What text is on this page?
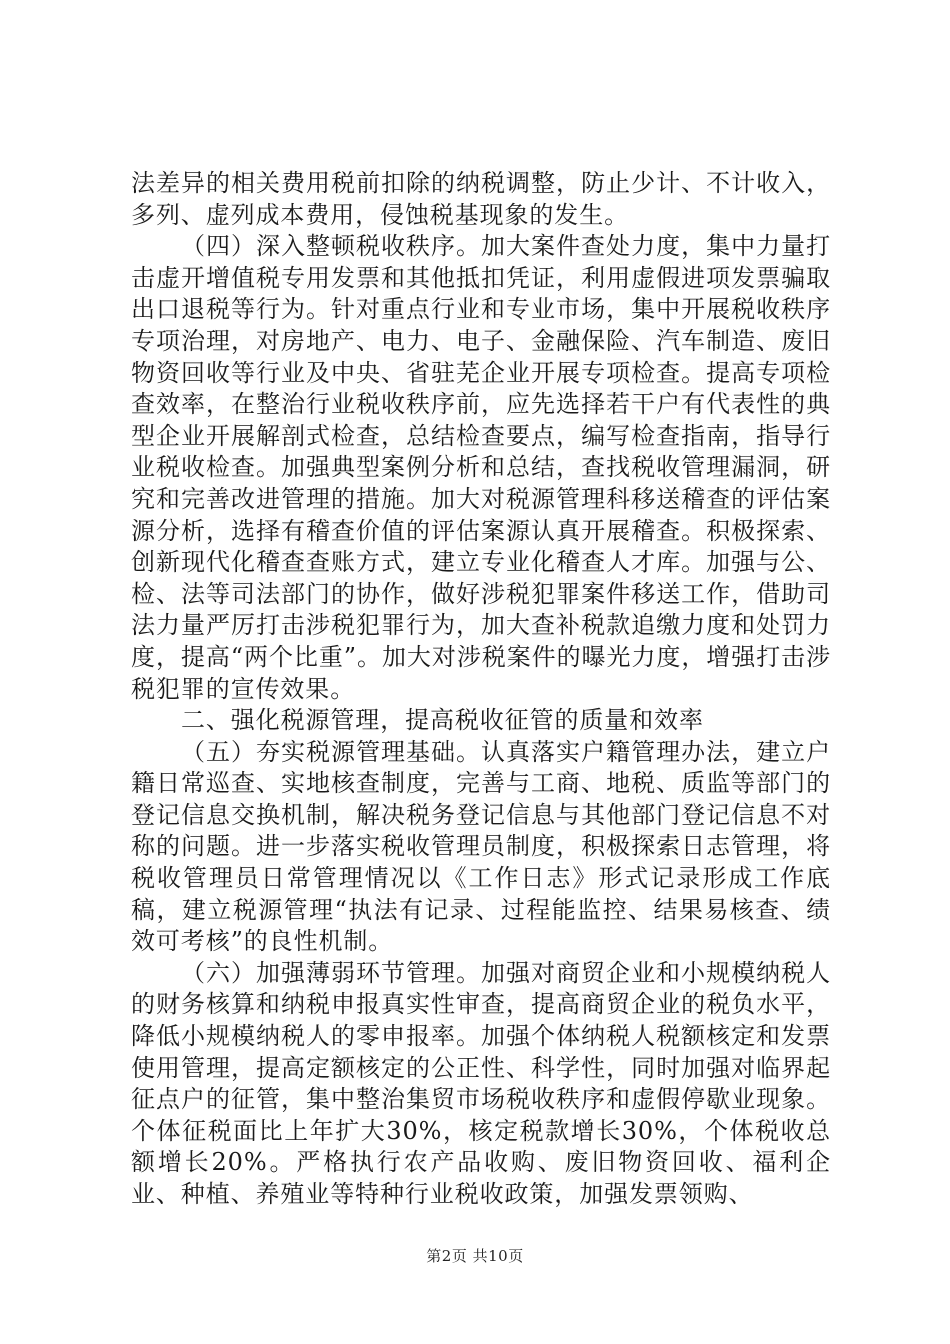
法差异的相关费用税前扣除的纳税调整，防止少计、不计收入，多列、虚列成本费用，侵蚀税基现象的发生。

（四）深入整顿税收秩序。加大案件查处力度，集中力量打击虚开增值税专用发票和其他抵扣凭证，利用虚假进项发票骗取出口退税等行为。针对重点行业和专业市场，集中开展税收秩序专项治理，对房地产、电力、电子、金融保险、汽车制造、废旧物资回收等行业及中央、省驻芜企业开展专项检查。提高专项检查效率，在整治行业税收秩序前，应先选择若干户有代表性的典型企业开展解剖式检查，总结检查要点，编写检查指南，指导行业税收检查。加强典型案例分析和总结，查找税收管理漏洞，研究和完善改进管理的措施。加大对税源管理科移送稽查的评估案源分析，选择有稽查价值的评估案源认真开展稽查。积极探索、创新现代化稽查查账方式，建立专业化稽查人才库。加强与公、检、法等司法部门的协作，做好涉税犯罪案件移送工作，借助司法力量严厉打击涉税犯罪行为，加大查补税款追缴力度和处罚力度，提高“两个比重”。加大对涉税案件的曝光力度，增强打击涉税犯罪的宣传效果。

二、强化税源管理，提高税收征管的质量和效率

（五）夯实税源管理基础。认真落实户籍管理办法，建立户籍日常巡查、实地核查制度，完善与工商、地税、质监等部门的登记信息交换机制，解决税务登记信息与其他部门登记信息不对称的问题。进一步落实税收管理员制度，积极探索日志管理，将税收管理员日常管理情况以《工作日志》形式记录形成工作底稿，建立税源管理“执法有记录、过程能监控、结果易核查、绩效可考核”的良性机制。

（六）加强薄弱环节管理。加强对商贸企业和小规模纳税人的财务核算和纳税申报真实性审查，提高商贸企业的税负水平，降低小规模纳税人的零申报率。加强个体纳税人税额核定和发票使用管理，提高定额核定的公正性、科学性，同时加强对临界起征点户的征管，集中整治集贸市场税收秩序和虚假停歇业现象。个体征税面比上年扩大30%，核定税款增长30%，个体税收总额增长20%。严格执行农产品收购、废旧物资回收、福利企业、种植、养殖业等特种行业税收政策，加强发票领购、

第2页 共10页
